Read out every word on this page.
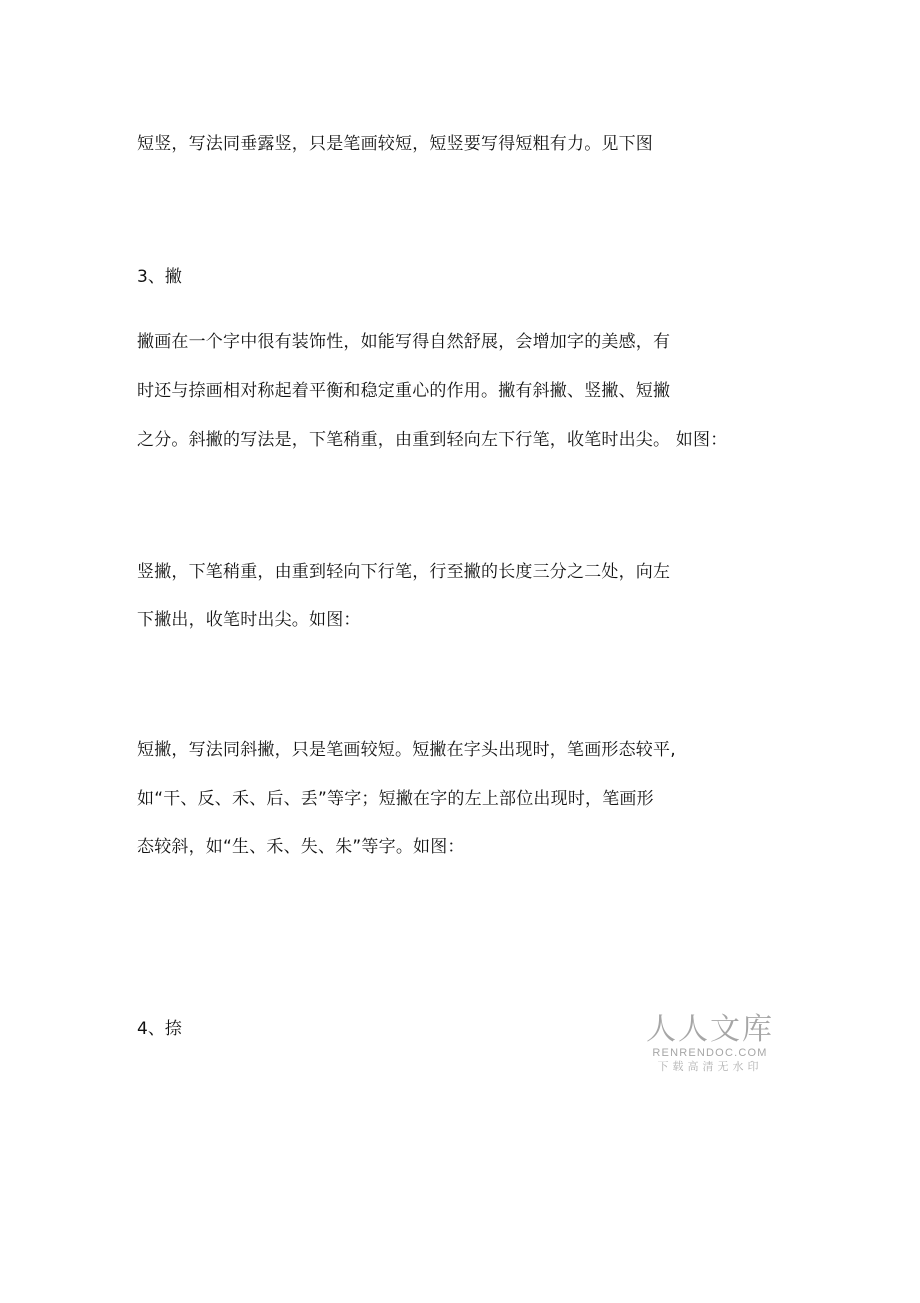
短竖，写法同垂露竖，只是笔画较短，短竖要写得短粗有力。见下图
3、撇
撇画在一个字中很有装饰性，如能写得自然舒展，会增加字的美感，有
时还与捺画相对称起着平衡和稳定重心的作用。撇有斜撇、竖撇、短撇
之分。斜撇的写法是，下笔稍重，由重到轻向左下行笔，收笔时出尖。 如图：
竖撇，下笔稍重，由重到轻向下行笔，行至撇的长度三分之二处，向左
下撇出，收笔时出尖。如图：
短撇，写法同斜撇，只是笔画较短。短撇在字头出现时，笔画形态较平,
如“干、反、禾、后、丢”等字；短撇在字的左上部位出现时，笔画形
态较斜，如“生、禾、失、朱”等字。如图：
4、捺	人人文库
RENRENDOC.COM
下载高清无水印
